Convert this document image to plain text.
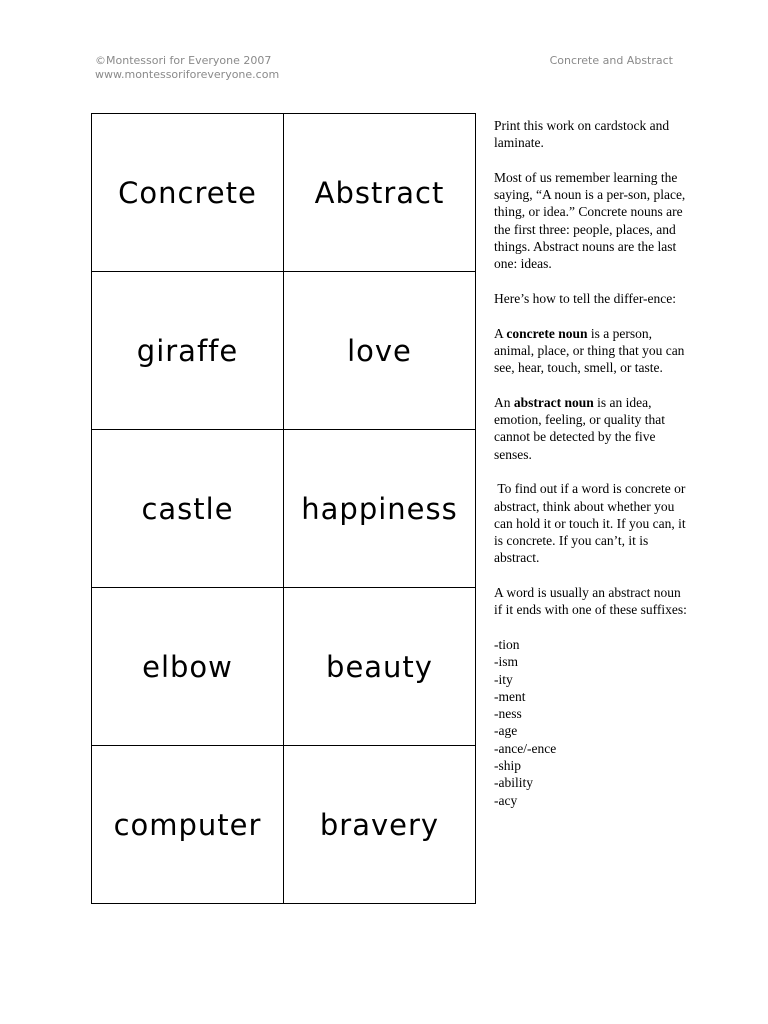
©Montessori for Everyone 2007
www.montessoriforeveryone.com
Concrete and Abstract
Concrete	Abstract
giraffe	love
castle	happiness
elbow	beauty
computer	bravery

Print this work on cardstock and laminate.

Most of us remember learning the saying, “A noun is a per-son, place, thing, or idea.” Concrete nouns are the first three: people, places, and things. Abstract nouns are the last one: ideas.

Here’s how to tell the differ-ence:

A concrete noun is a person, animal, place, or thing that you can see, hear, touch, smell, or taste.

An abstract noun is an idea, emotion, feeling, or quality that cannot be detected by the five senses.

To find out if a word is concrete or abstract, think about whether you can hold it or touch it. If you can, it is concrete. If you can’t, it is abstract.

A word is usually an abstract noun if it ends with one of these suffixes:

-tion
-ism
-ity
-ment
-ness
-age
-ance/-ence
-ship
-ability
-acy
